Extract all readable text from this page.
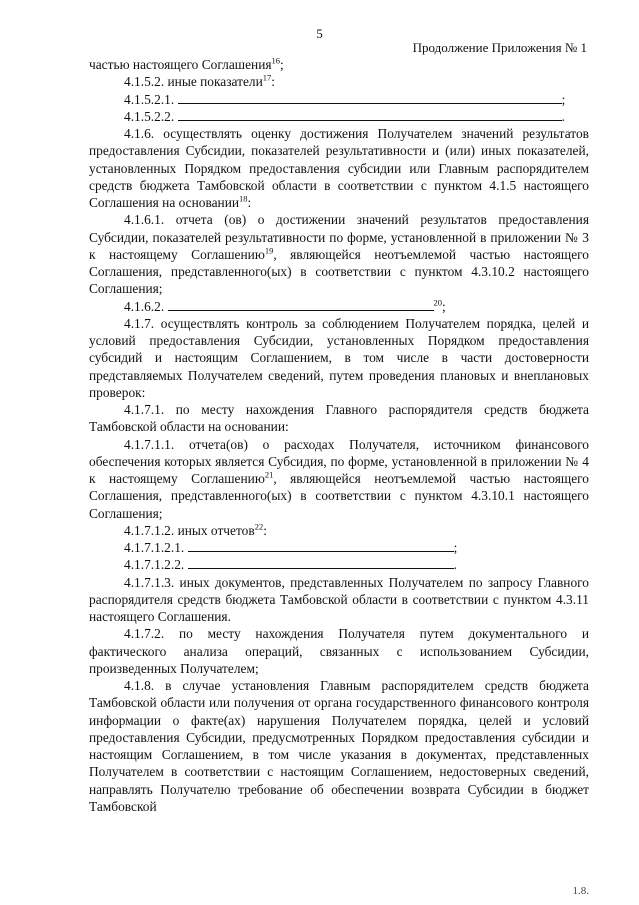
5
Продолжение Приложения № 1

частью настоящего Соглашения$^{16}$;

4.1.5.2. иные показатели$^{17}$:

4.1.5.2.1.	;

4.1.5.2.2.	.

4.1.6. осуществлять оценку достижения Получателем значений результатов предоставления Субсидии, показателей результативности и (или) иных показателей, установленных Порядком предоставления субсидии или Главным распорядителем средств бюджета Тамбовской области в соответствии с пунктом 4.1.5 настоящего Соглашения на основании$^{18}$:

4.1.6.1. отчета (ов) о достижении значений результатов предоставления Субсидии, показателей результативности по форме, установленной в приложении № 3 к настоящему Соглашению$^{19}$, являющейся неотъемлемой частью настоящего Соглашения, представленного(ых) в соответствии с пунктом 4.3.10.2 настоящего Соглашения;

4.1.6.2.	$^{20}$;

4.1.7. осуществлять контроль за соблюдением Получателем порядка, целей и условий предоставления Субсидии, установленных Порядком предоставления субсидий и настоящим Соглашением, в том числе в части достоверности представляемых Получателем сведений, путем проведения плановых и внеплановых проверок:

4.1.7.1. по месту нахождения Главного распорядителя средств бюджета Тамбовской области на основании:

4.1.7.1.1. отчета(ов) о расходах Получателя, источником финансового обеспечения которых является Субсидия, по форме, установленной в приложении № 4 к настоящему Соглашению$^{21}$, являющейся неотъемлемой частью настоящего Соглашения, представленного(ых) в соответствии с пунктом 4.3.10.1 настоящего Соглашения;

4.1.7.1.2. иных отчетов$^{22}$:

4.1.7.1.2.1.	;

4.1.7.1.2.2.	.

4.1.7.1.3. иных документов, представленных Получателем по запросу Главного распорядителя средств бюджета Тамбовской области в соответствии с пунктом 4.3.11 настоящего Соглашения.

4.1.7.2. по месту нахождения Получателя путем документального и фактического анализа операций, связанных с использованием Субсидии, произведенных Получателем;

4.1.8. в случае установления Главным распорядителем средств бюджета Тамбовской области или получения от органа государственного финансового контроля информации о факте(ах) нарушения Получателем порядка, целей и условий предоставления Субсидии, предусмотренных Порядком предоставления субсидии и настоящим Соглашением, в том числе указания в документах, представленных Получателем в соответствии с настоящим Соглашением, недостоверных сведений, направлять Получателю требование об обеспечении возврата Субсидии в бюджет Тамбовской

1.8.
